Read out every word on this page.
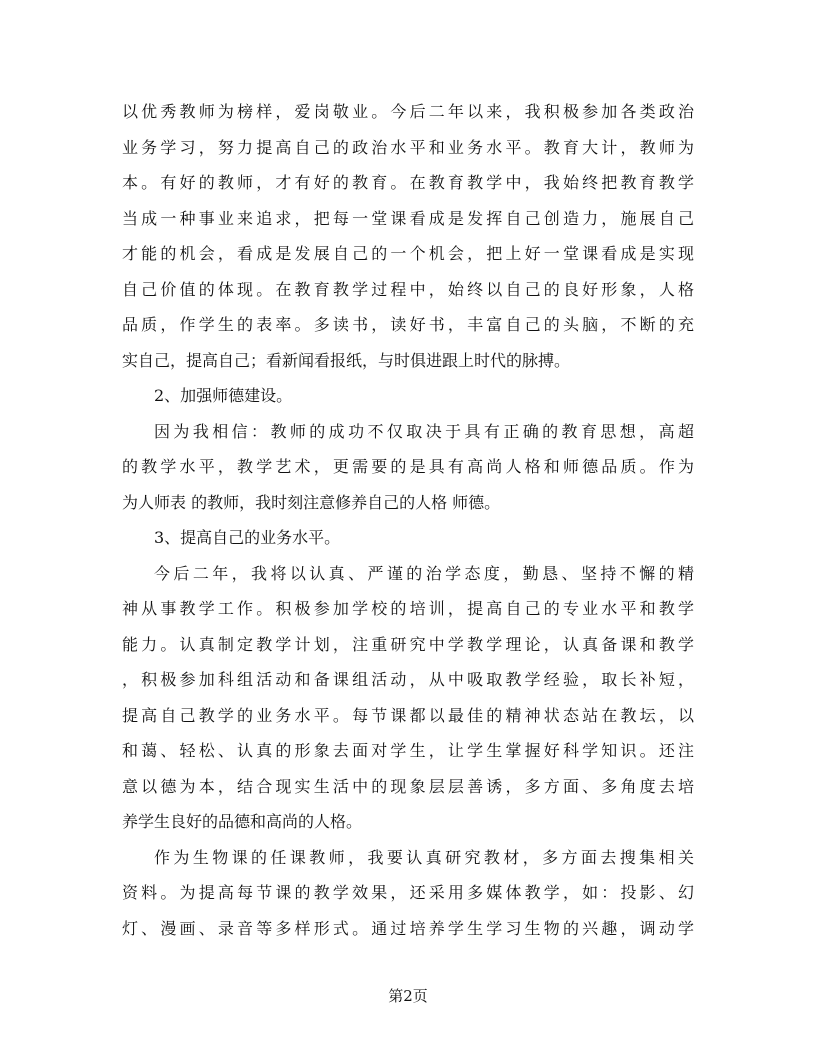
以优秀教师为榜样，爱岗敬业。今后二年以来，我积极参加各类政治
业务学习，努力提高自己的政治水平和业务水平。教育大计，教师为
本。有好的教师，才有好的教育。在教育教学中，我始终把教育教学
当成一种事业来追求，把每一堂课看成是发挥自己创造力，施展自己
才能的机会，看成是发展自己的一个机会，把上好一堂课看成是实现
自己价值的体现。在教育教学过程中，始终以自己的良好形象，人格
品质，作学生的表率。多读书，读好书，丰富自己的头脑，不断的充
实自己，提高自己；看新闻看报纸，与时俱进跟上时代的脉搏。
2、加强师德建设。
因为我相信：教师的成功不仅取决于具有正确的教育思想，高超
的教学水平，教学艺术，更需要的是具有高尚人格和师德品质。作为
为人师表 的教师，我时刻注意修养自己的人格 师德。
3、提高自己的业务水平。
今后二年，我将以认真、严谨的治学态度，勤恳、坚持不懈的精
神从事教学工作。积极参加学校的培训，提高自己的专业水平和教学
能力。认真制定教学计划，注重研究中学教学理论，认真备课和教学
，积极参加科组活动和备课组活动，从中吸取教学经验，取长补短，
提高自己教学的业务水平。每节课都以最佳的精神状态站在教坛，以
和蔼、轻松、认真的形象去面对学生，让学生掌握好科学知识。还注
意以德为本，结合现实生活中的现象层层善诱，多方面、多角度去培
养学生良好的品德和高尚的人格。
作为生物课的任课教师，我要认真研究教材，多方面去搜集相关
资料。为提高每节课的教学效果，还采用多媒体教学，如：投影、幻
灯、漫画、录音等多样形式。通过培养学生学习生物的兴趣，调动学
第2页
